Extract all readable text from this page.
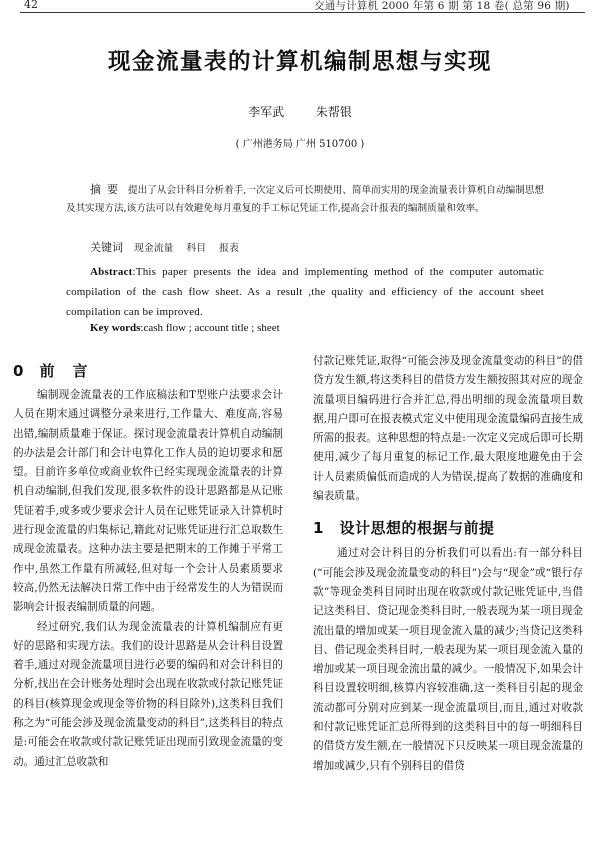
42	交通与计算机 2000 年第 6 期 第 18 卷( 总第 96 期)
现金流量表的计算机编制思想与实现
李军武 朱帮银
( 广州港务局 广州 510700 )

摘要 提出了从会计科目分析着手,一次定义后可长期使用、简单而实用的现金流量表计算机自动编制思想及其实现方法,该方法可以有效避免每月重复的手工标记凭证工作,提高会计报表的编制质量和效率。

关键词 现金流量 科目 报表

Abstract:This paper presents the idea and implementing method of the computer automatic compilation of the cash flow sheet. As a result ,the quality and efficiency of the account sheet compilation can be improved.

Key words:cash flow ; account title ; sheet
0 前言

编制现金流量表的工作底稿法和T型账户法要求会计人员在期末通过调整分录来进行,工作量大、难度高,容易出错,编制质量难于保证。探讨现金流量表计算机自动编制的办法是会计部门和会计电算化工作人员的迫切要求和愿望。目前许多单位或商业软件已经实现现金流量表的计算机自动编制,但我们发现,很多软件的设计思路都是从记账凭证着手,或多或少要求会计人员在记账凭证录入计算机时进行现金流量的归集标记,籍此对记账凭证进行汇总取数生成现金流量表。这种办法主要是把期末的工作摊于平常工作中,虽然工作量有所减轻,但对每一个会计人员素质要求较高,仍然无法解决日常工作中由于经常发生的人为错误而影响会计报表编制质量的问题。

经过研究,我们认为现金流量表的计算机编制应有更好的思路和实现方法。我们的设计思路是从会计科目设置着手,通过对现金流量项目进行必要的编码和对会计科目的分析,找出在会计账务处理时会出现在收款或付款记账凭证的科目(核算现金或现金等价物的科目除外),这类科目我们称之为“可能会涉及现金流量变动的科目”,这类科目的特点是:可能会在收款或付款记账凭证出现而引致现金流量的变动。通过汇总收款和

付款记账凭证,取得“可能会涉及现金流量变动的科目”的借贷方发生额,将这类科目的借贷方发生额按照其对应的现金流量项目编码进行合并汇总,得出明细的现金流量项目数据,用户即可在报表模式定义中使用现金流量编码直接生成所需的报表。这种思想的特点是:一次定义完成后即可长期使用,减少了每月重复的标记工作,最大限度地避免由于会计人员素质偏低而造成的人为错误,提高了数据的准确度和编表质量。

1 设计思想的根据与前提

通过对会计科目的分析我们可以看出:有一部分科目(“可能会涉及现金流量变动的科目”)会与“现金”或“银行存款”等现金类科目同时出现在收款或付款记账凭证中,当借记这类科目、贷记现金类科目时,一般表现为某一项目现金流出量的增加或某一项目现金流入量的减少;当贷记这类科目、借记现金类科目时,一般表现为某一项目现金流入量的增加或某一项目现金流出量的减少。一般情况下,如果会计科目设置较明细,核算内容较准确,这一类科目引起的现金流动都可分别对应到某一现金流量项目,而且,通过对收款和付款记账凭证汇总所得到的这类科目中的每一明细科目的借贷方发生额,在一般情况下只反映某一项目现金流量的增加或减少,只有个别科目的借贷
